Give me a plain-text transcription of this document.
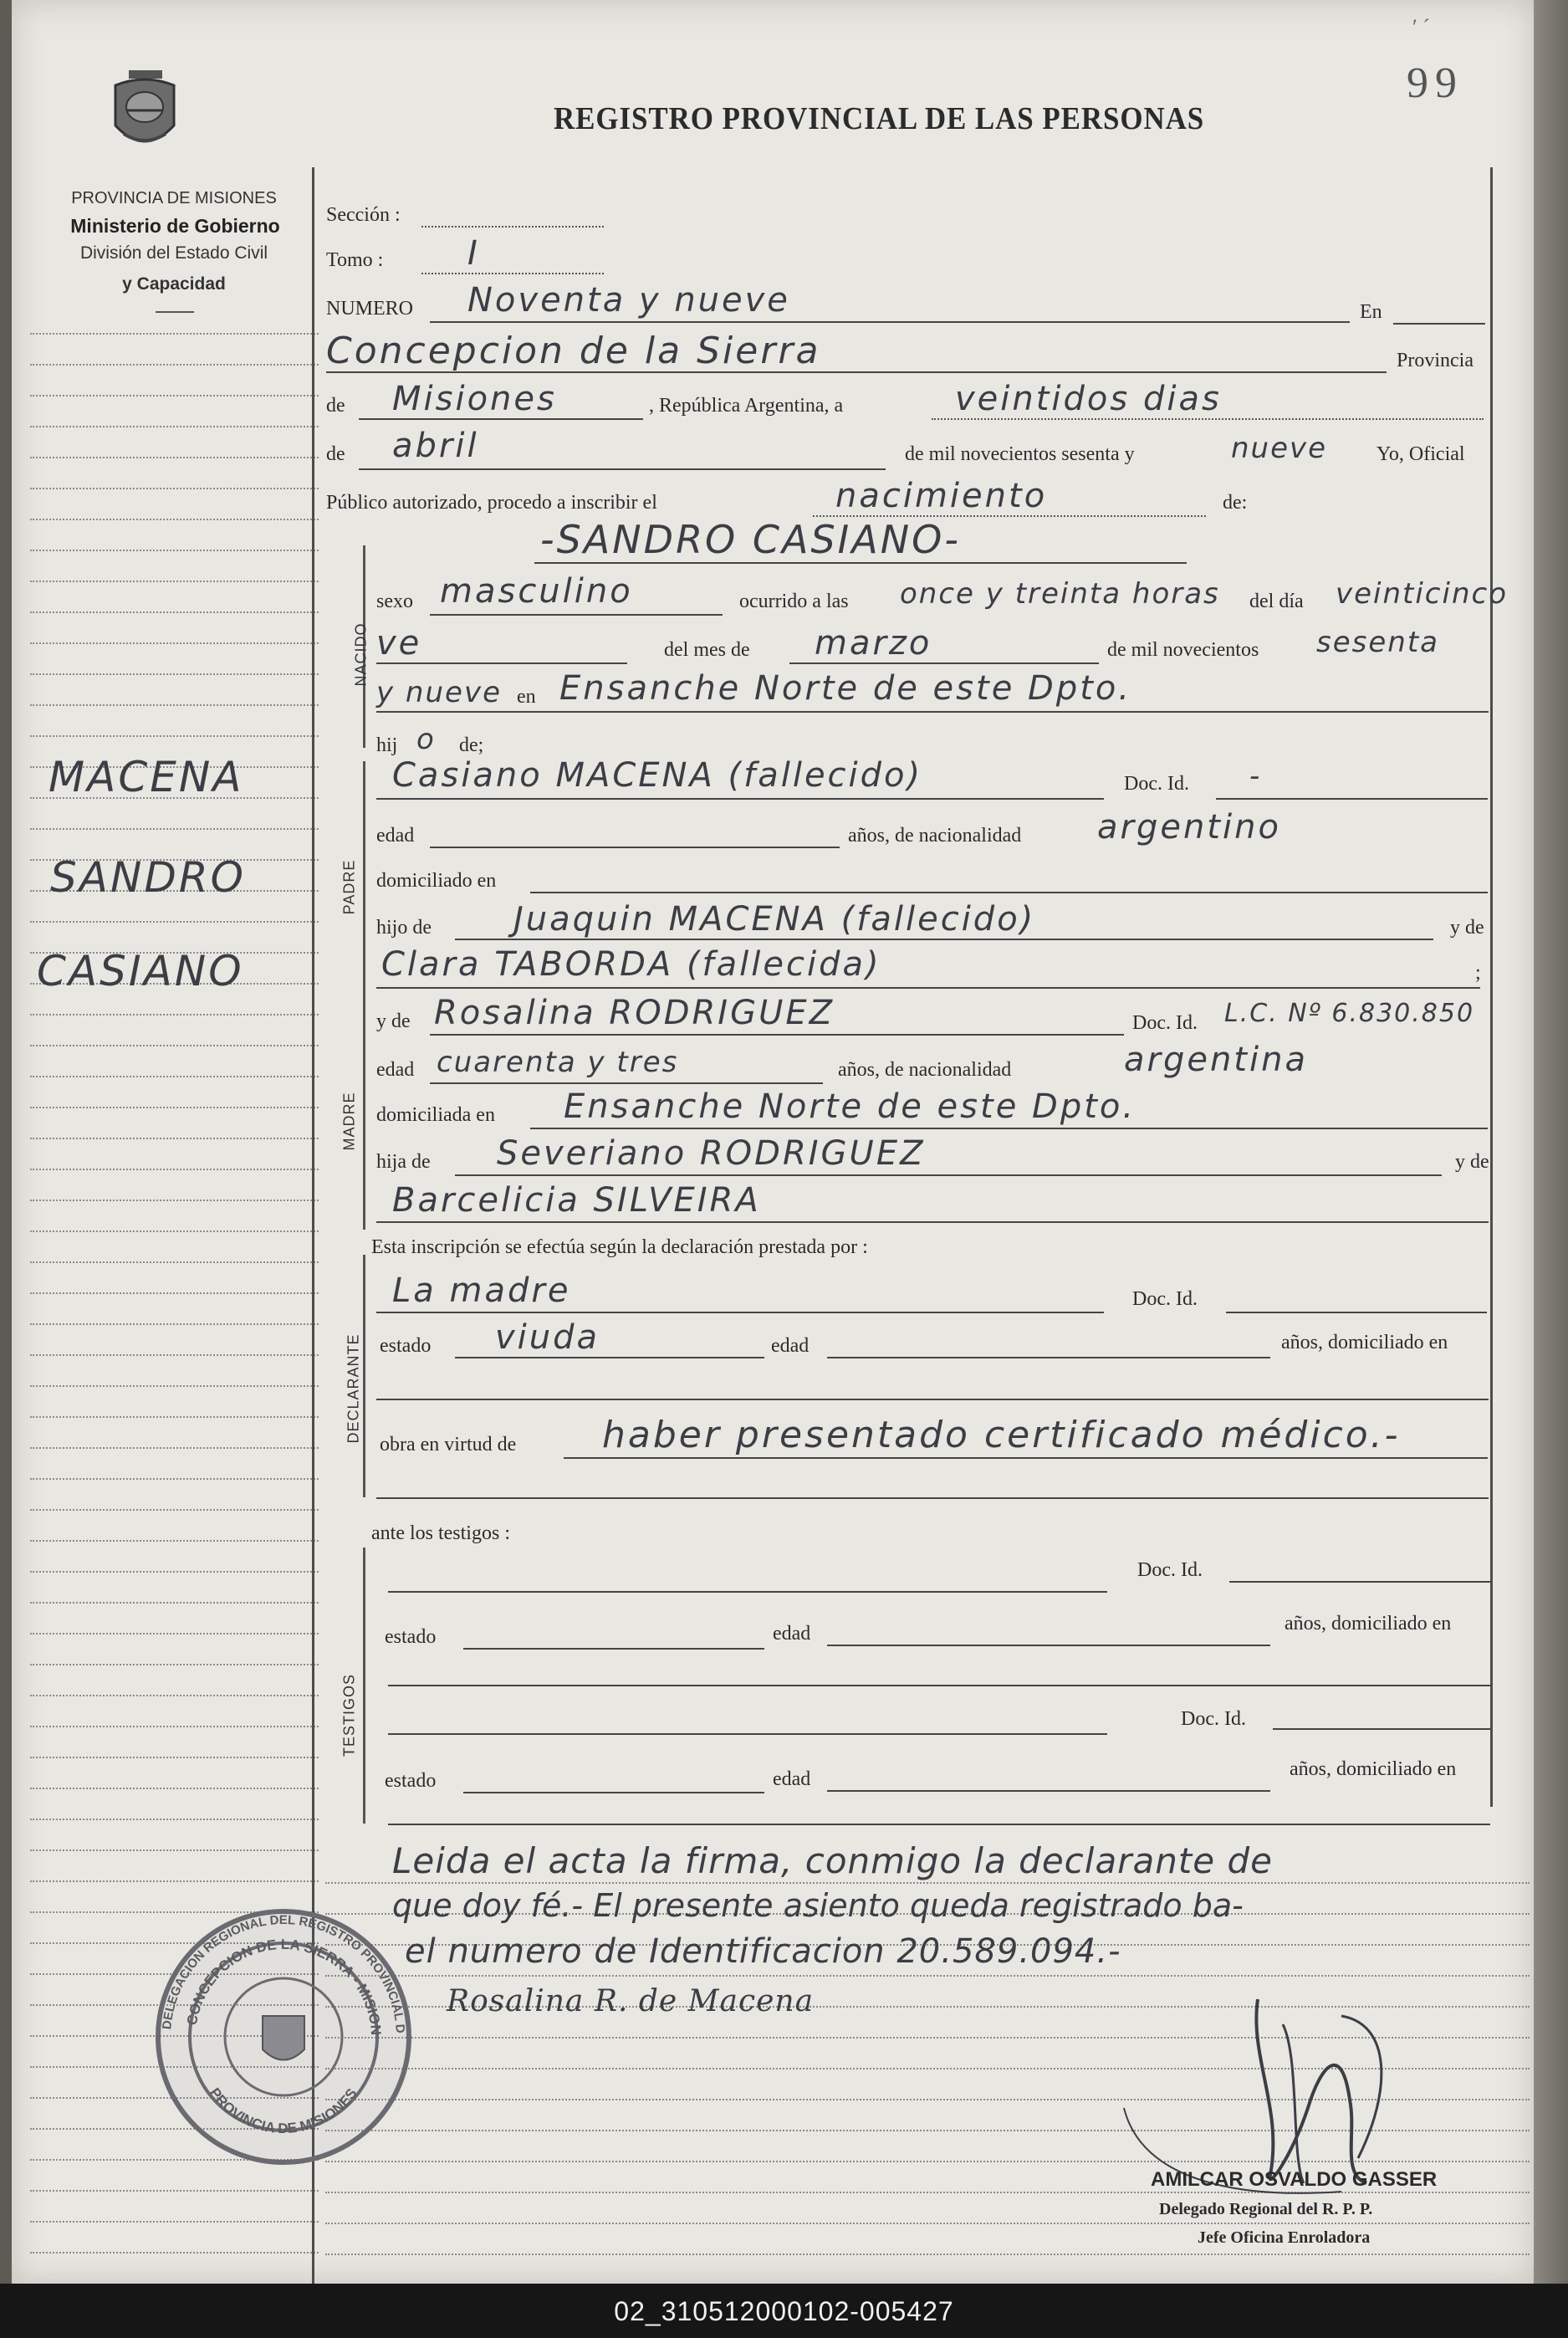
99
′ ´
REGISTRO PROVINCIAL DE LAS PERSONAS
PROVINCIA DE MISIONES
Ministerio de Gobierno
División del Estado Civil
y Capacidad
MACENA
SANDRO
CASIANO
Sección :
Tomo :	I
NUMERO Noventa y nueve	En
Concepcion de la Sierra	Provincia
de Misiones	, República Argentina, a	veintidos dias
de abril	de mil novecientos sesenta y	nueve Yo, Oficial
Público autorizado, procedo a inscribir el	nacimiento	de:
-SANDRO CASIANO-
NACIDO
sexo masculino	ocurrido a las once y treinta horas del día veinticinco
ve	del mes de marzo	de mil novecientos sesenta
y nueve en Ensanche Norte de este Dpto.
hij o de;
PADRE
Casiano MACENA (fallecido)	Doc. Id. -
edad	años, de nacionalidad argentino
domiciliado en
hijo de Juaquin MACENA (fallecido)	y de
Clara TABORDA (fallecida)	;
MADRE
y de Rosalina RODRIGUEZ	Doc. Id. L.C. Nº 6.830.850
edad cuarenta y tres	años, de nacionalidad	argentina
domiciliada en Ensanche Norte de este Dpto.
hija de Severiano RODRIGUEZ	y de
Barcelicia SILVEIRA
Esta inscripción se efectúa según la declaración prestada por :
DECLARANTE
La madre	Doc. Id.
estado viuda	edad	años, domiciliado en
obra en virtud de haber presentado certificado médico.-
ante los testigos :
TESTIGOS
Doc. Id.
estado	edad	años, domiciliado en
Doc. Id.
estado	edad	años, domiciliado en
Leida el acta la firma, conmigo la declarante de
que doy fé.- El presente asiento queda registrado ba-
el numero de Identificacion 20.589.094.-
Rosalina R. de Macena
DELEGACION REGIONAL DEL REGISTRO PROVINCIAL D
CONCEPCION DE LA SIERRA - MISION
PROVINCIA DE MISIONES
AMILCAR OSVALDO GASSER
Delegado Regional del R. P. P.
Jefe Oficina Enroladora
02_310512000102-005427
